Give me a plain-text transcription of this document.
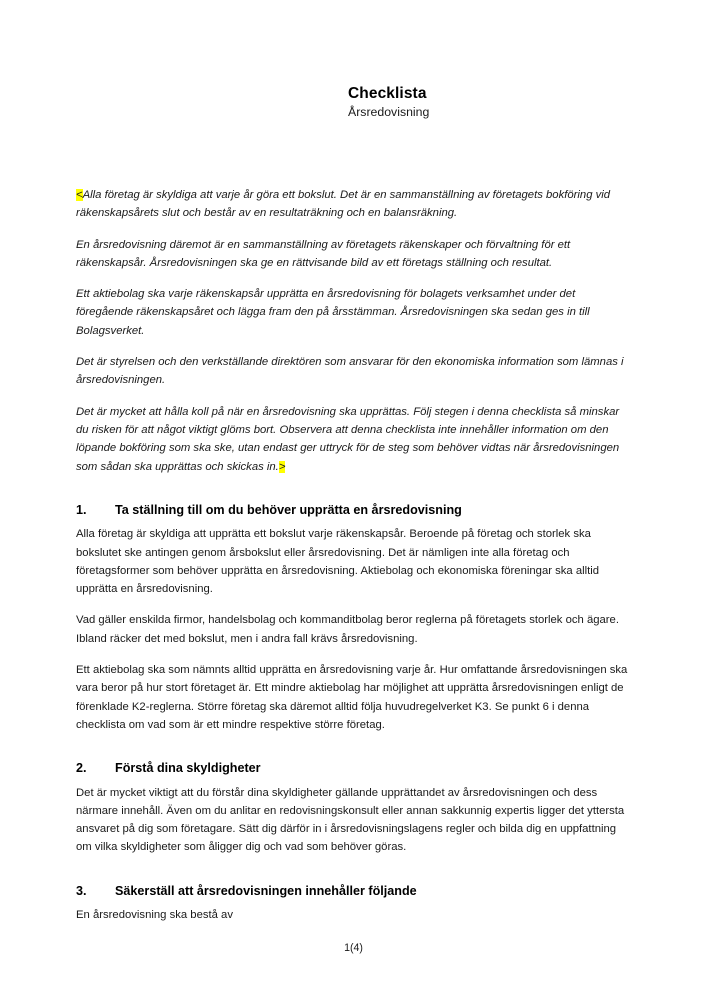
Checklista
Årsredovisning

<Alla företag är skyldiga att varje år göra ett bokslut. Det är en sammanställning av företagets bokföring vid räkenskapsårets slut och består av en resultaträkning och en balansräkning.

En årsredovisning däremot är en sammanställning av företagets räkenskaper och förvaltning för ett räkenskapsår. Årsredovisningen ska ge en rättvisande bild av ett företags ställning och resultat.

Ett aktiebolag ska varje räkenskapsår upprätta en årsredovisning för bolagets verksamhet under det föregående räkenskapsåret och lägga fram den på årsstämman. Årsredovisningen ska sedan ges in till Bolagsverket.

Det är styrelsen och den verkställande direktören som ansvarar för den ekonomiska information som lämnas i årsredovisningen.

Det är mycket att hålla koll på när en årsredovisning ska upprättas. Följ stegen i denna checklista så minskar du risken för att något viktigt glöms bort. Observera att denna checklista inte innehåller information om den löpande bokföring som ska ske, utan endast ger uttryck för de steg som behöver vidtas när årsredovisningen som sådan ska upprättas och skickas in.>

1.	Ta ställning till om du behöver upprätta en årsredovisning

Alla företag är skyldiga att upprätta ett bokslut varje räkenskapsår. Beroende på företag och storlek ska bokslutet ske antingen genom årsbokslut eller årsredovisning. Det är nämligen inte alla företag och företagsformer som behöver upprätta en årsredovisning. Aktiebolag och ekonomiska föreningar ska alltid upprätta en årsredovisning.

Vad gäller enskilda firmor, handelsbolag och kommanditbolag beror reglerna på företagets storlek och ägare. Ibland räcker det med bokslut, men i andra fall krävs årsredovisning.

Ett aktiebolag ska som nämnts alltid upprätta en årsredovisning varje år. Hur omfattande årsredovisningen ska vara beror på hur stort företaget är. Ett mindre aktiebolag har möjlighet att upprätta årsredovisningen enligt de förenklade K2-reglerna. Större företag ska däremot alltid följa huvudregelverket K3. Se punkt 6 i denna checklista om vad som är ett mindre respektive större företag.

2.	Förstå dina skyldigheter

Det är mycket viktigt att du förstår dina skyldigheter gällande upprättandet av årsredovisningen och dess närmare innehåll. Även om du anlitar en redovisningskonsult eller annan sakkunnig expertis ligger det yttersta ansvaret på dig som företagare. Sätt dig därför in i årsredovisningslagens regler och bilda dig en uppfattning om vilka skyldigheter som åligger dig och vad som behöver göras.

3.	Säkerställ att årsredovisningen innehåller följande

En årsredovisning ska bestå av

1(4)
